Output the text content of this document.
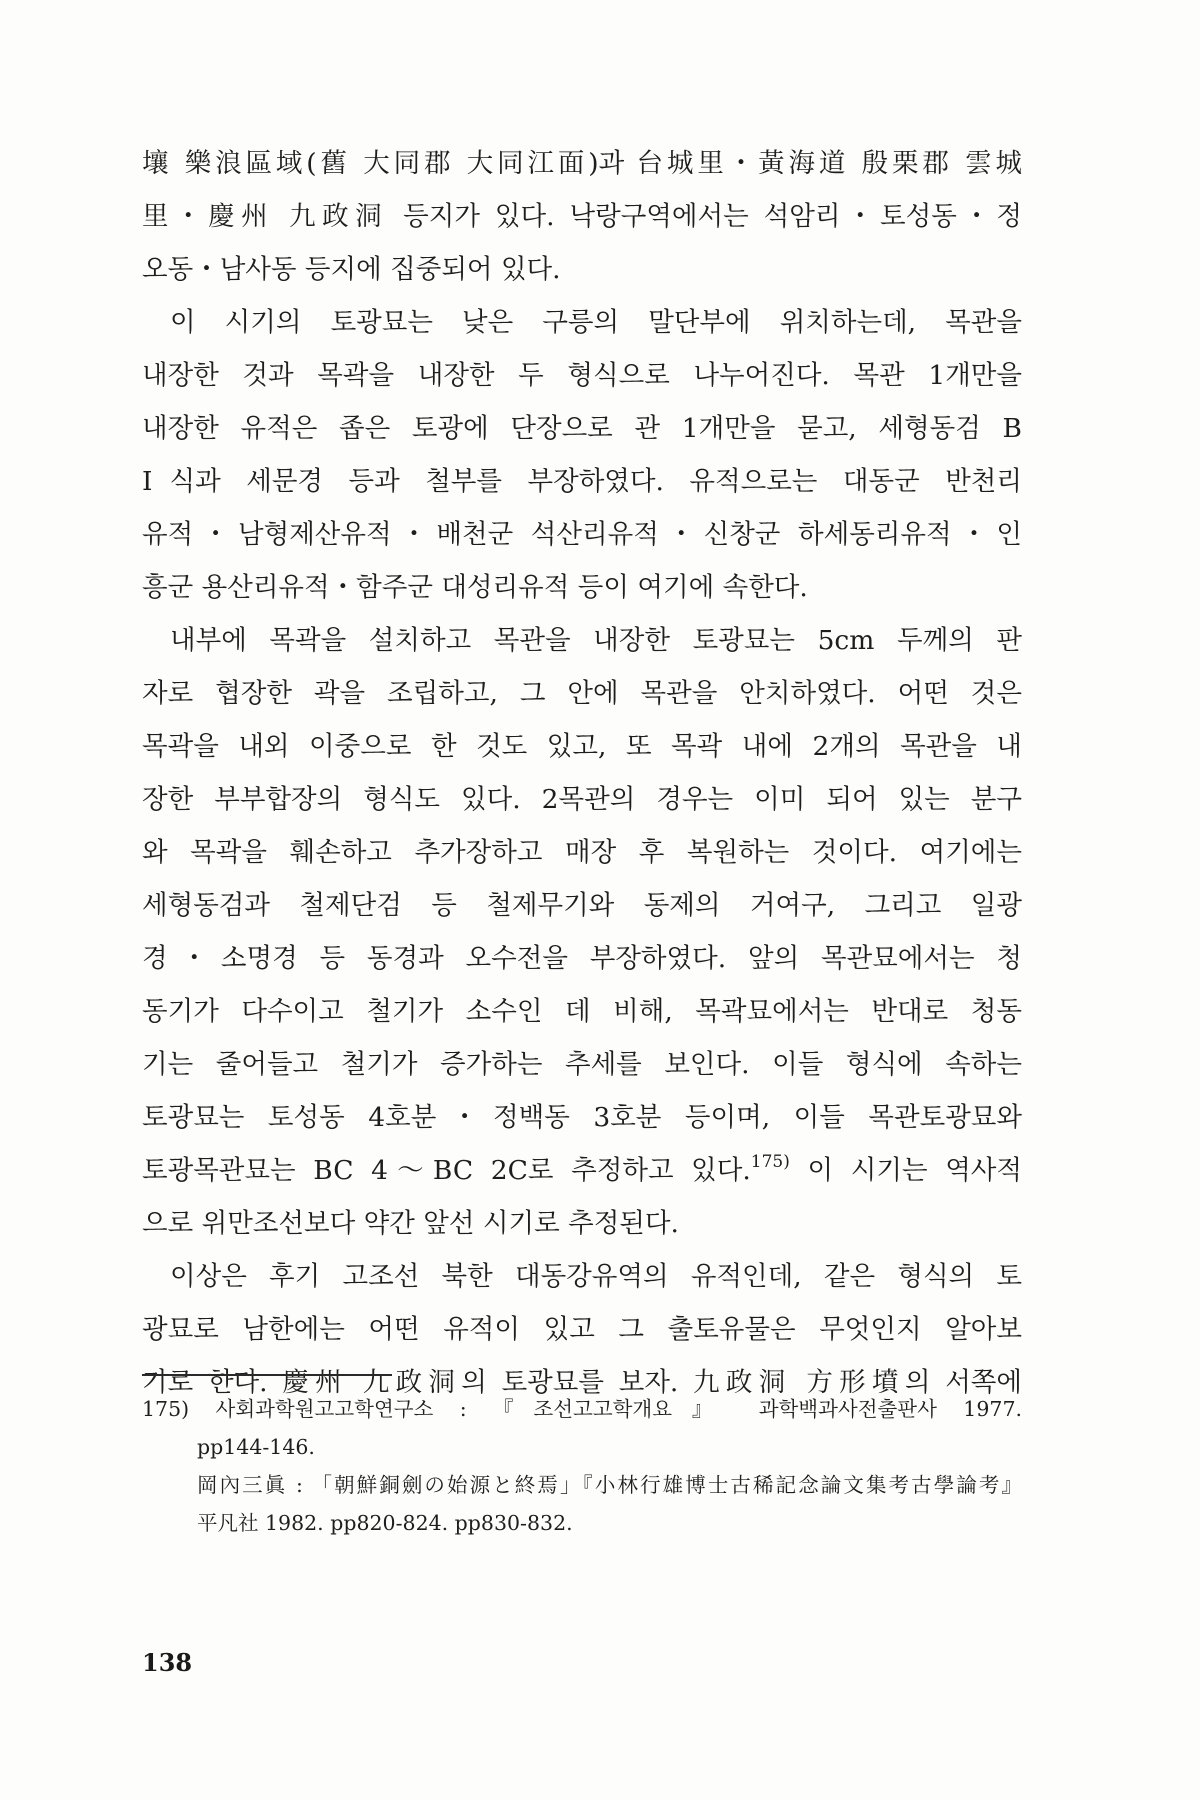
壤 樂浪區域(舊 大同郡 大同江面)과 台城里・黃海道 殷栗郡 雲城
里・慶州 九政洞 등지가 있다. 낙랑구역에서는 석암리・토성동・정
오동・남사동 등지에 집중되어 있다.
이 시기의 토광묘는 낮은 구릉의 말단부에 위치하는데, 목관을
내장한 것과 목곽을 내장한 두 형식으로 나누어진다. 목관 1개만을
내장한 유적은 좁은 토광에 단장으로 관 1개만을 묻고, 세형동검 B
Ⅰ식과 세문경 등과 철부를 부장하였다. 유적으로는 대동군 반천리
유적・남형제산유적・배천군 석산리유적・신창군 하세동리유적・인
흥군 용산리유적・함주군 대성리유적 등이 여기에 속한다.
내부에 목곽을 설치하고 목관을 내장한 토광묘는 5cm 두께의 판
자로 협장한 곽을 조립하고, 그 안에 목관을 안치하였다. 어떤 것은
목곽을 내외 이중으로 한 것도 있고, 또 목곽 내에 2개의 목관을 내
장한 부부합장의 형식도 있다. 2목관의 경우는 이미 되어 있는 분구
와 목곽을 훼손하고 추가장하고 매장 후 복원하는 것이다. 여기에는
세형동검과 철제단검 등 철제무기와 동제의 거여구, 그리고 일광
경・소명경 등 동경과 오수전을 부장하였다. 앞의 목관묘에서는 청
동기가 다수이고 철기가 소수인 데 비해, 목곽묘에서는 반대로 청동
기는 줄어들고 철기가 증가하는 추세를 보인다. 이들 형식에 속하는
토광묘는 토성동 4호분・정백동 3호분 등이며, 이들 목관토광묘와
토광목관묘는 BC 4～BC 2C로 추정하고 있다.$^{175)}$ 이 시기는 역사적
으로 위만조선보다 약간 앞선 시기로 추정된다.
이상은 후기 고조선 북한 대동강유역의 유적인데, 같은 형식의 토
광묘로 남한에는 어떤 유적이 있고 그 출토유물은 무엇인지 알아보
기로 한다. 慶州 九政洞의 토광묘를 보자. 九政洞 方形墳의 서쪽에
175) 사회과학원고고학연구소 : 『조선고고학개요』 과학백과사전출판사 1977.
pp144-146.
岡內三眞 : 「朝鮮銅劍の始源と終焉」『小林行雄博士古稀記念論文集考古學論考』
平凡社 1982. pp820-824. pp830-832.
138
